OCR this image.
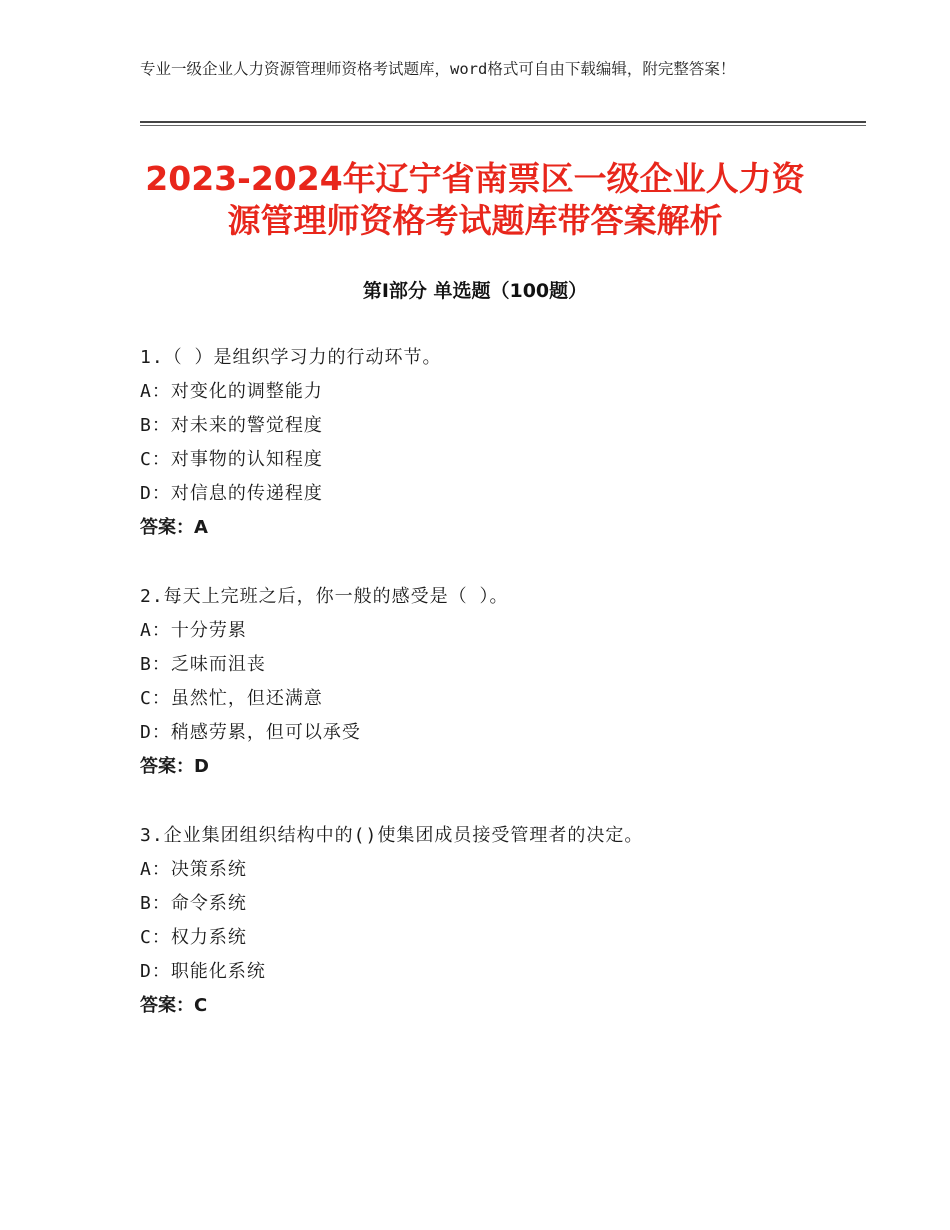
专业一级企业人力资源管理师资格考试题库，word格式可自由下载编辑，附完整答案！
2023-2024年辽宁省南票区一级企业人力资
源管理师资格考试题库带答案解析
第Ⅰ部分 单选题（100题）
1.（ ）是组织学习力的行动环节。
A：对变化的调整能力
B：对未来的警觉程度
C：对事物的认知程度
D：对信息的传递程度
答案：A
2.每天上完班之后，你一般的感受是（ ）。
A：十分劳累
B：乏味而沮丧
C：虽然忙，但还满意
D：稍感劳累，但可以承受
答案：D
3.企业集团组织结构中的()使集团成员接受管理者的决定。
A：决策系统
B：命令系统
C：权力系统
D：职能化系统
答案：C
